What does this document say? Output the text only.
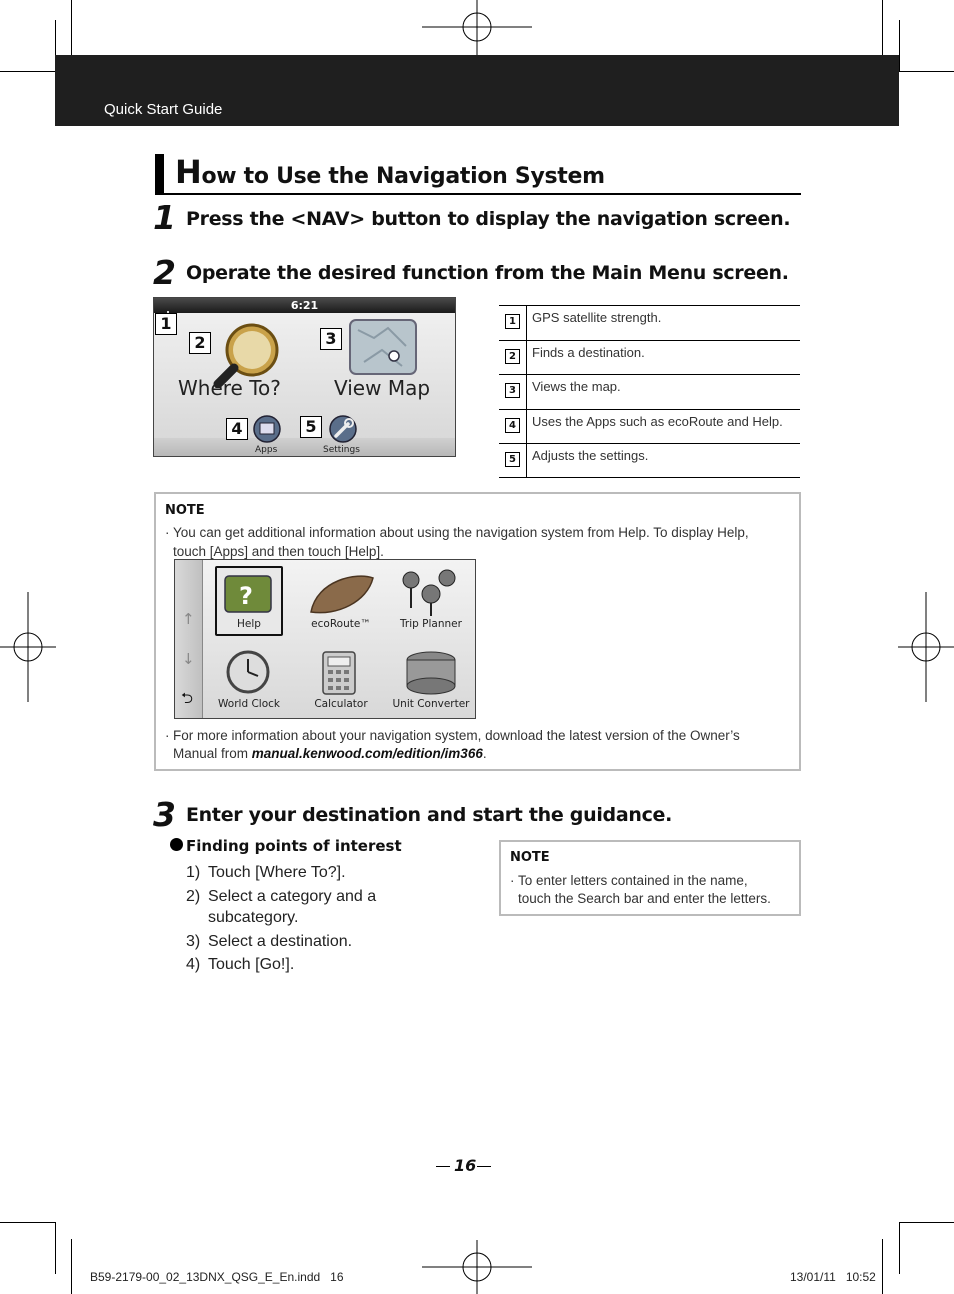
Quick Start Guide
How to Use the Navigation System
1 Press the <NAV> button to display the navigation screen.
2 Operate the desired function from the Main Menu screen.
6:21
Where To?	View Map
Apps	Settings
1
2	3
4	5
1	GPS satellite strength.
2	Finds a destination.
3	Views the map.
4	Uses the Apps such as ecoRoute and Help.
5	Adjusts the settings.
NOTE
· You can get additional information about using the navigation system from Help. To display Help,
touch [Apps] and then touch [Help].
↑
↓
⮌
?
Help	ecoRoute™	Trip Planner
World Clock	Calculator	Unit Converter
· For more information about your navigation system, download the latest version of the Owner’s
Manual from manual.kenwood.com/edition/im366.
3 Enter your destination and start the guidance.
Finding points of interest
1) Touch [Where To?].
2) Select a category and a
subcategory.
3) Select a destination.
4) Touch [Go!].
NOTE
· To enter letters contained in the name,
touch the Search bar and enter the letters.
16
B59-2179-00_02_13DNX_QSG_E_En.indd   16	13/01/11   10:52
